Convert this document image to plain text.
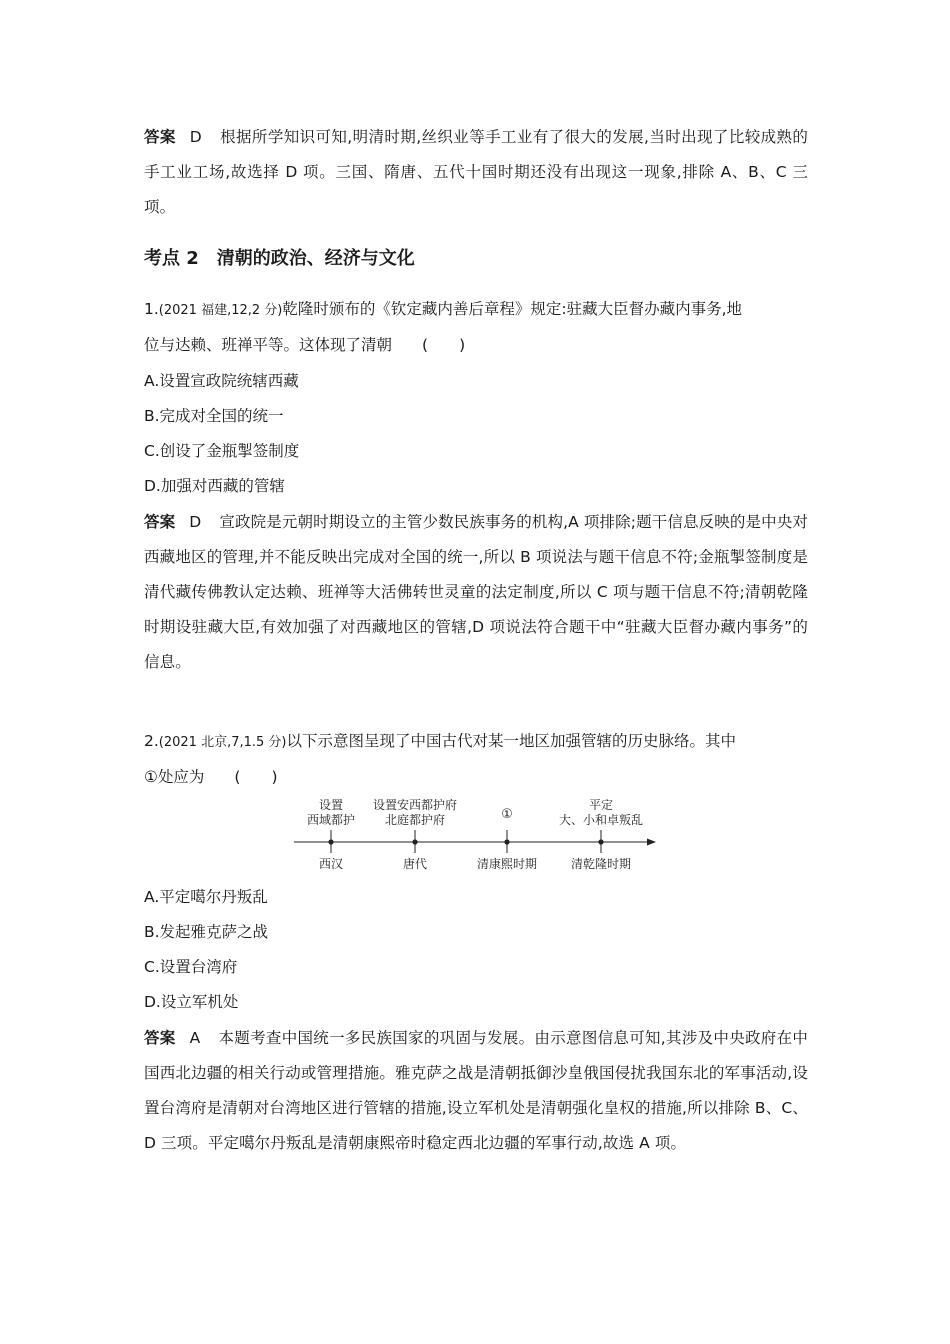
答案 D 根据所学知识可知,明清时期,丝织业等手工业有了很大的发展,当时出现了比较成熟的手工业工场,故选择 D 项。三国、隋唐、五代十国时期还没有出现这一现象,排除 A、B、C 三项。
考点 2 清朝的政治、经济与文化
1.(2021 福建,12,2 分)乾隆时颁布的《钦定藏内善后章程》规定:驻藏大臣督办藏内事务,地
位与达赖、班禅平等。这体现了清朝 (　　)
A.设置宣政院统辖西藏
B.完成对全国的统一
C.创设了金瓶掣签制度
D.加强对西藏的管辖
答案 D 宣政院是元朝时期设立的主管少数民族事务的机构,A 项排除;题干信息反映的是中央对西藏地区的管理,并不能反映出完成对全国的统一,所以 B 项说法与题干信息不符;金瓶掣签制度是清代藏传佛教认定达赖、班禅等大活佛转世灵童的法定制度,所以 C 项与题干信息不符;清朝乾隆时期设驻藏大臣,有效加强了对西藏地区的管辖,D 项说法符合题干中“驻藏大臣督办藏内事务”的信息。
2.(2021 北京,7,1.5 分)以下示意图呈现了中国古代对某一地区加强管辖的历史脉络。其中
①处应为 (　　)
设置
西域都护
西汉
设置安西都护府
北庭都护府
唐代
①
清康熙时期
平定
大、小和卓叛乱
清乾隆时期
A.平定噶尔丹叛乱
B.发起雅克萨之战
C.设置台湾府
D.设立军机处
答案 A 本题考查中国统一多民族国家的巩固与发展。由示意图信息可知,其涉及中央政府在中国西北边疆的相关行动或管理措施。雅克萨之战是清朝抵御沙皇俄国侵扰我国东北的军事活动,设置台湾府是清朝对台湾地区进行管辖的措施,设立军机处是清朝强化皇权的措施,所以排除 B、C、D 三项。平定噶尔丹叛乱是清朝康熙帝时稳定西北边疆的军事行动,故选 A 项。
